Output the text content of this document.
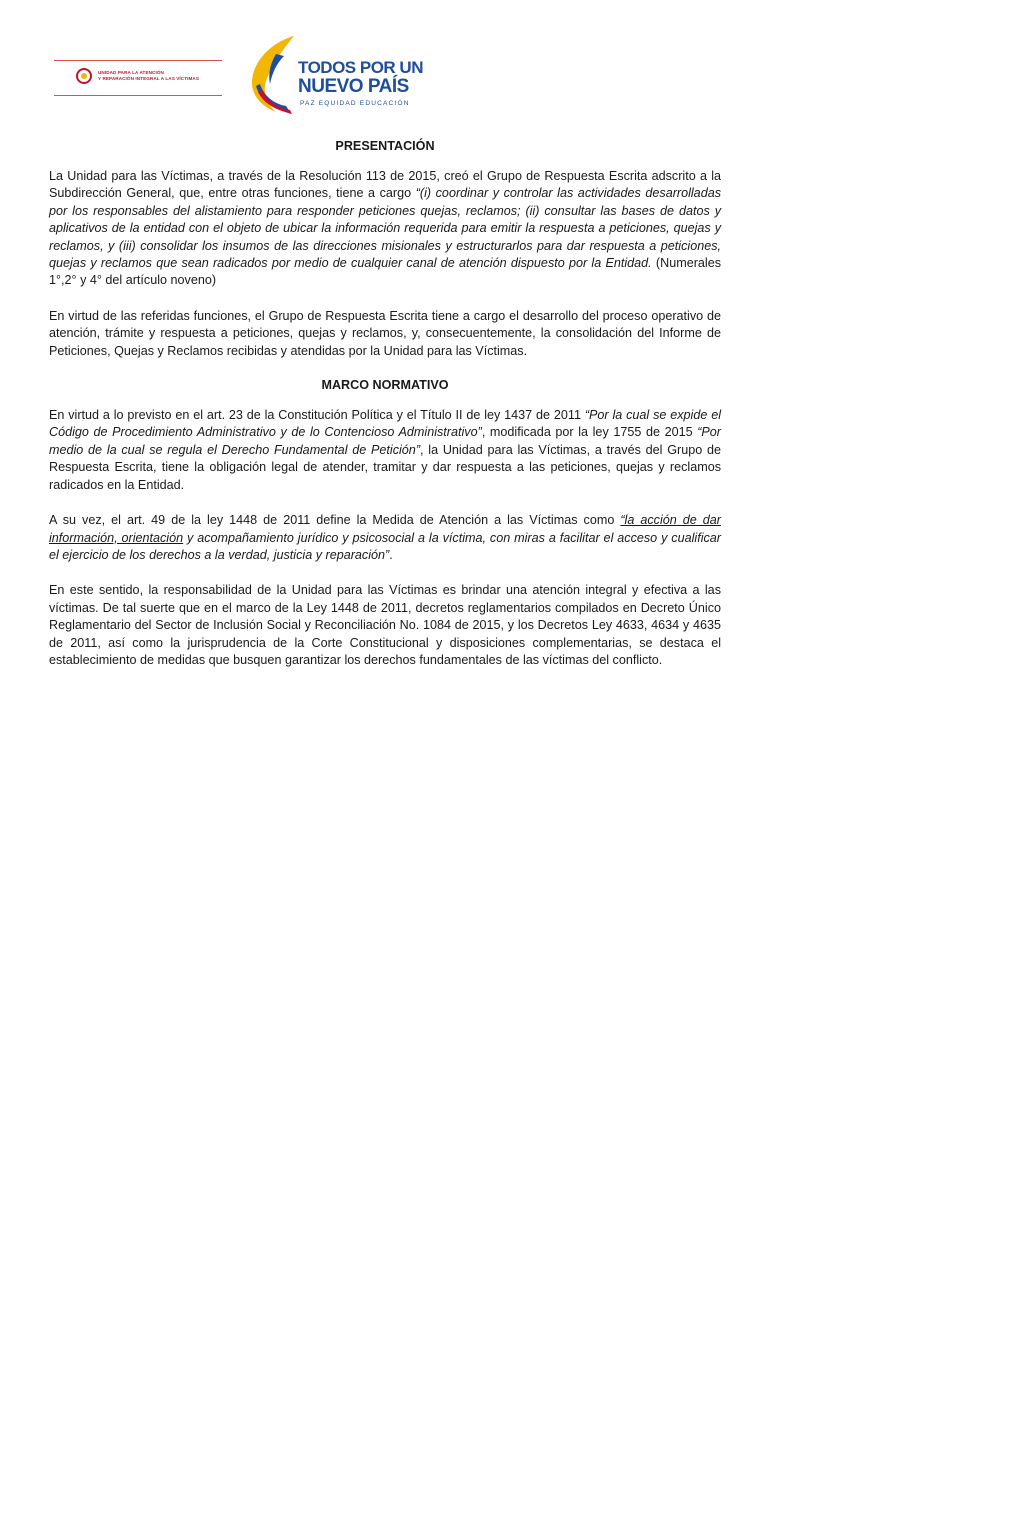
UNIDAD PARA LA ATENCIÓN
Y REPARACIÓN INTEGRAL A LAS VÍCTIMAS
TODOS POR UN
NUEVO PAÍS
PAZ EQUIDAD EDUCACIÓN
PRESENTACIÓN

La Unidad para las Víctimas, a través de la Resolución 113 de 2015, creó el Grupo de Respuesta Escrita adscrito a la Subdirección General, que, entre otras funciones, tiene a cargo “(i) coordinar y controlar las actividades desarrolladas por los responsables del alistamiento para responder peticiones quejas, reclamos; (ii) consultar las bases de datos y aplicativos de la entidad con el objeto de ubicar la información requerida para emitir la respuesta a peticiones, quejas y reclamos, y (iii) consolidar los insumos de las direcciones misionales y estructurarlos para dar respuesta a peticiones, quejas y reclamos que sean radicados por medio de cualquier canal de atención dispuesto por la Entidad. (Numerales 1°,2° y 4° del artículo noveno)

En virtud de las referidas funciones, el Grupo de Respuesta Escrita tiene a cargo el desarrollo del proceso operativo de atención, trámite y respuesta a peticiones, quejas y reclamos, y, consecuentemente, la consolidación del Informe de Peticiones, Quejas y Reclamos recibidas y atendidas por la Unidad para las Víctimas.

MARCO NORMATIVO

En virtud a lo previsto en el art. 23 de la Constitución Política y el Título II de ley 1437 de 2011 “Por la cual se expide el Código de Procedimiento Administrativo y de lo Contencioso Administrativo”, modificada por la ley 1755 de 2015 “Por medio de la cual se regula el Derecho Fundamental de Petición”, la Unidad para las Víctimas, a través del Grupo de Respuesta Escrita, tiene la obligación legal de atender, tramitar y dar respuesta a las peticiones, quejas y reclamos radicados en la Entidad.

A su vez, el art. 49 de la ley 1448 de 2011 define la Medida de Atención a las Víctimas como “la acción de dar información, orientación y acompañamiento jurídico y psicosocial a la víctima, con miras a facilitar el acceso y cualificar el ejercicio de los derechos a la verdad, justicia y reparación”.

En este sentido, la responsabilidad de la Unidad para las Víctimas es brindar una atención integral y efectiva a las víctimas. De tal suerte que en el marco de la Ley 1448 de 2011, decretos reglamentarios compilados en Decreto Único Reglamentario del Sector de Inclusión Social y Reconciliación No. 1084 de 2015, y los Decretos Ley 4633, 4634 y 4635 de 2011, así como la jurisprudencia de la Corte Constitucional y disposiciones complementarias, se destaca el establecimiento de medidas que busquen garantizar los derechos fundamentales de las víctimas del conflicto.
